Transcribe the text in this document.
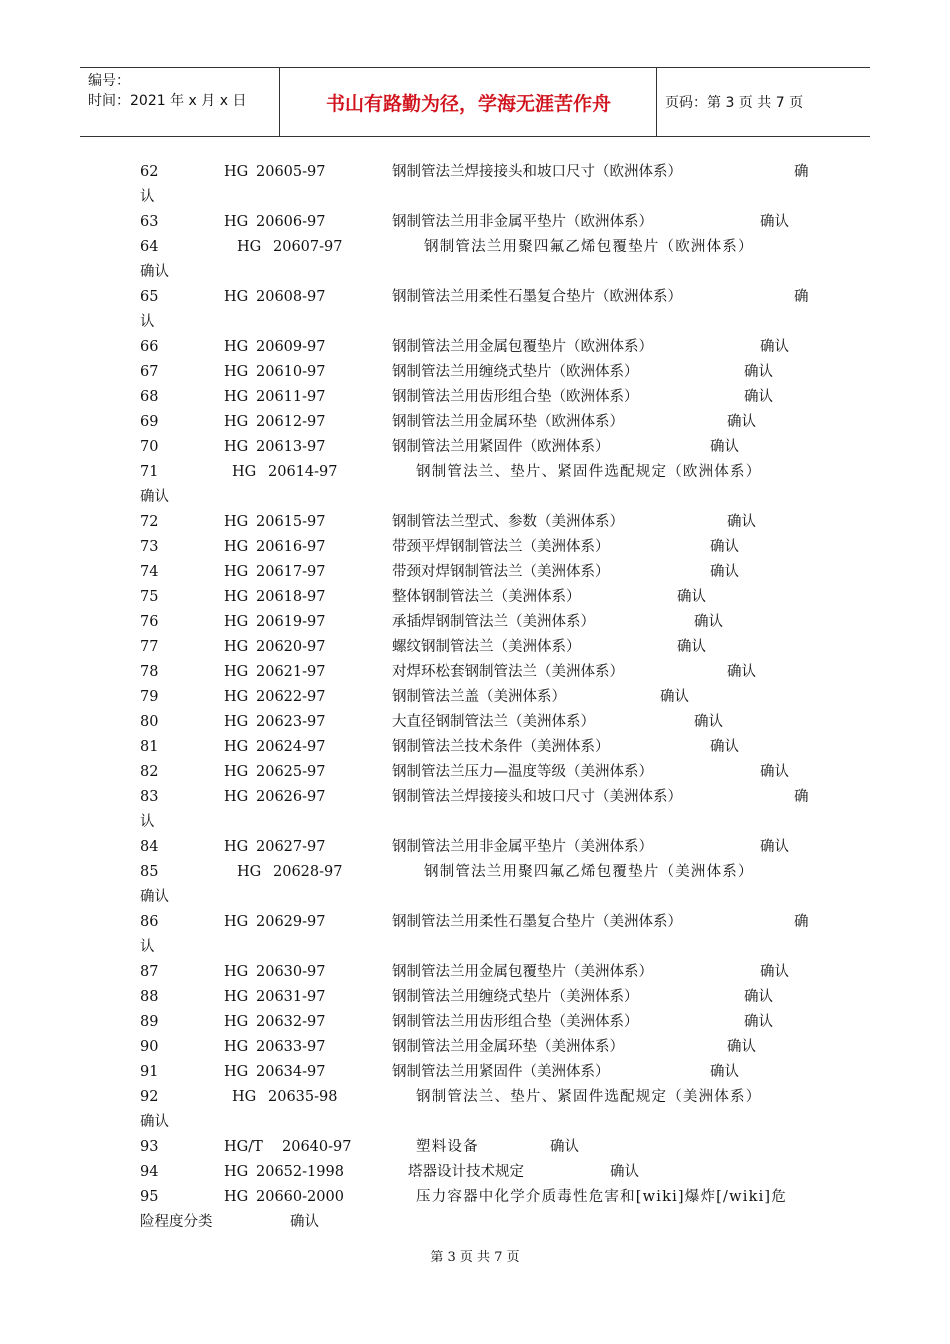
编号：
时间：2021 年 x 月 x 日	书山有路勤为径，学海无涯苦作舟	页码：第 3 页 共 7 页
62	HG 20605-97	钢制管法兰焊接接头和坡口尺寸（欧洲体系）	确
认
63	HG 20606-97	钢制管法兰用非金属平垫片（欧洲体系）	确认
64	HG 20607-97	钢制管法兰用聚四氟乙烯包覆垫片（欧洲体系）
确认
65	HG 20608-97	钢制管法兰用柔性石墨复合垫片（欧洲体系）	确
认
66	HG 20609-97	钢制管法兰用金属包覆垫片（欧洲体系）	确认
67	HG 20610-97	钢制管法兰用缠绕式垫片（欧洲体系）	确认
68	HG 20611-97	钢制管法兰用齿形组合垫（欧洲体系）	确认
69	HG 20612-97	钢制管法兰用金属环垫（欧洲体系）	确认
70	HG 20613-97	钢制管法兰用紧固件（欧洲体系）	确认
71	HG 20614-97	钢制管法兰、垫片、紧固件选配规定（欧洲体系）
确认
72	HG 20615-97	钢制管法兰型式、参数（美洲体系）	确认
73	HG 20616-97	带颈平焊钢制管法兰（美洲体系）	确认
74	HG 20617-97	带颈对焊钢制管法兰（美洲体系）	确认
75	HG 20618-97	整体钢制管法兰（美洲体系）	确认
76	HG 20619-97	承插焊钢制管法兰（美洲体系）	确认
77	HG 20620-97	螺纹钢制管法兰（美洲体系）	确认
78	HG 20621-97	对焊环松套钢制管法兰（美洲体系）	确认
79	HG 20622-97	钢制管法兰盖（美洲体系）	确认
80	HG 20623-97	大直径钢制管法兰（美洲体系）	确认
81	HG 20624-97	钢制管法兰技术条件（美洲体系）	确认
82	HG 20625-97	钢制管法兰压力—温度等级（美洲体系）	确认
83	HG 20626-97	钢制管法兰焊接接头和坡口尺寸（美洲体系）	确
认
84	HG 20627-97	钢制管法兰用非金属平垫片（美洲体系）	确认
85	HG 20628-97	钢制管法兰用聚四氟乙烯包覆垫片（美洲体系）
确认
86	HG 20629-97	钢制管法兰用柔性石墨复合垫片（美洲体系）	确
认
87	HG 20630-97	钢制管法兰用金属包覆垫片（美洲体系）	确认
88	HG 20631-97	钢制管法兰用缠绕式垫片（美洲体系）	确认
89	HG 20632-97	钢制管法兰用齿形组合垫（美洲体系）	确认
90	HG 20633-97	钢制管法兰用金属环垫（美洲体系）	确认
91	HG 20634-97	钢制管法兰用紧固件（美洲体系）	确认
92	HG 20635-98	钢制管法兰、垫片、紧固件选配规定（美洲体系）
确认
93	HG/T 20640-97	塑料设备	确认
94	HG 20652-1998	塔器设计技术规定	确认
95	HG 20660-2000	压力容器中化学介质毒性危害和[wiki]爆炸[/wiki]危
险程度分类	确认
第 3 页 共 7 页
